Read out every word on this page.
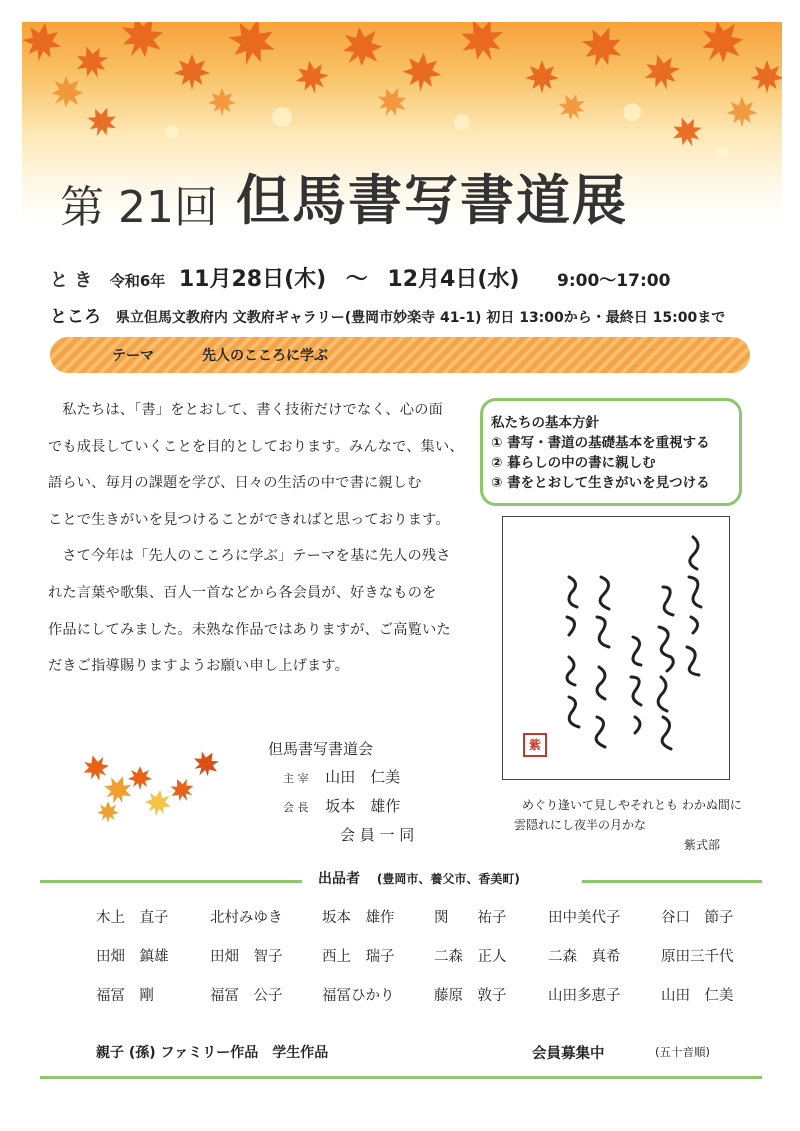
第 21回 但馬書写書道展
と き 令和6年 11月28日(木) 〜 12月4日(水) 9:00〜17:00
ところ 県立但馬文教府内 文教府ギャラリー(豊岡市妙楽寺 41-1) 初日 13:00から・最終日 15:00まで
テーマ	先人のこころに学ぶ

私たちは、「書」をとおして、書く技術だけでなく、心の面

でも成長していくことを目的としております。みんなで、集い、

語らい、毎月の課題を学び、日々の生活の中で書に親しむ

ことで生きがいを見つけることができればと思っております。

さて今年は「先人のこころに学ぶ」テーマを基に先人の残さ

れた言葉や歌集、百人一首などから各会員が、好きなものを

作品にしてみました。未熟な作品ではありますが、ご高覧いた

だきご指導賜りますようお願い申し上げます。

私たちの基本方針
① 書写・書道の基礎基本を重視する
② 暮らしの中の書に親しむ
③ 書をとおして生きがいを見つける
紫
めぐり逢いて見しやそれとも わかぬ間に
雲隠れにし夜半の月かな
紫式部
但馬書写書道会
主 宰 山田　仁美
会 長 坂本　雄作
会 員 一 同
出品者 (豊岡市、養父市、香美町)
木上　直子	北村みゆき	坂本　雄作	関　　祐子	田中美代子	谷口　節子
田畑　鎮雄	田畑　智子	西上　瑞子	二森　正人	二森　真希	原田三千代
福冨　剛	福冨　公子	福冨ひかり	藤原　敦子	山田多恵子	山田　仁美
親子 (孫) ファミリー作品　学生作品	会員募集中	(五十音順)
